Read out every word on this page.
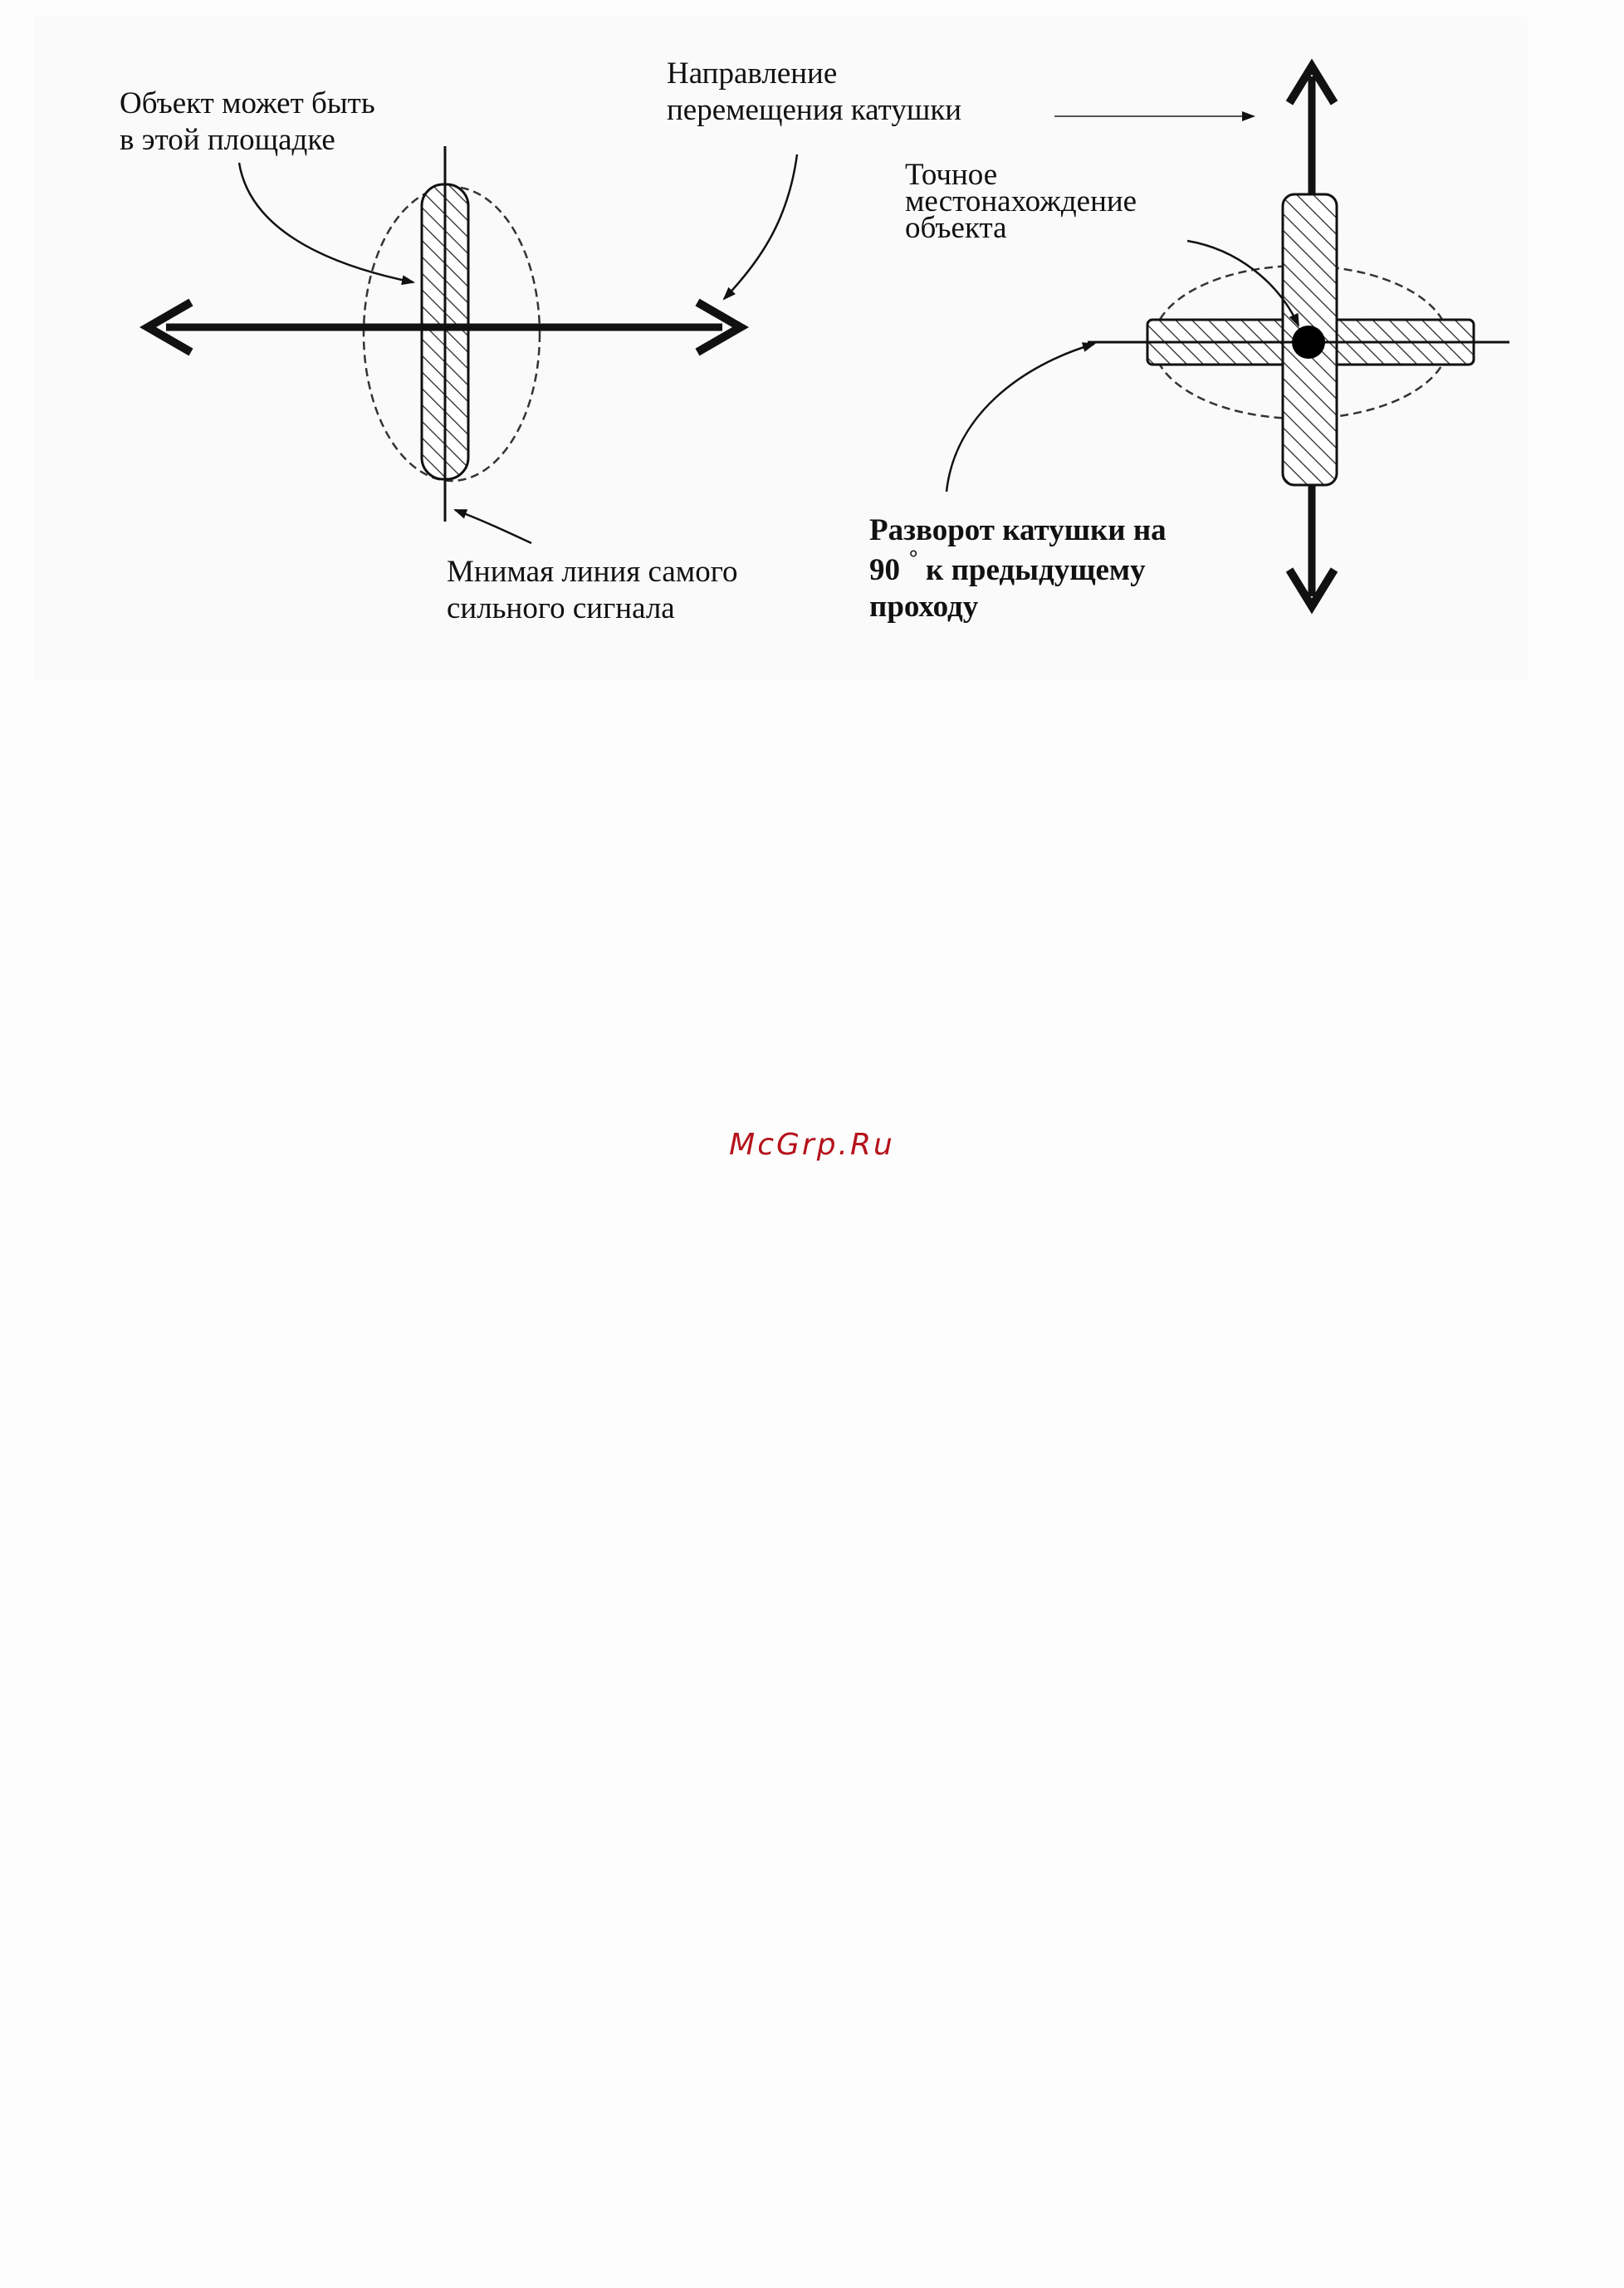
Объект может быть
в этой площадке
Направление
перемещения катушки
Мнимая линия самого
сильного сигнала
Точное
местонахождение
объекта
Разворот катушки на
90 ° к предыдущему
проходу
McGrp.Ru
